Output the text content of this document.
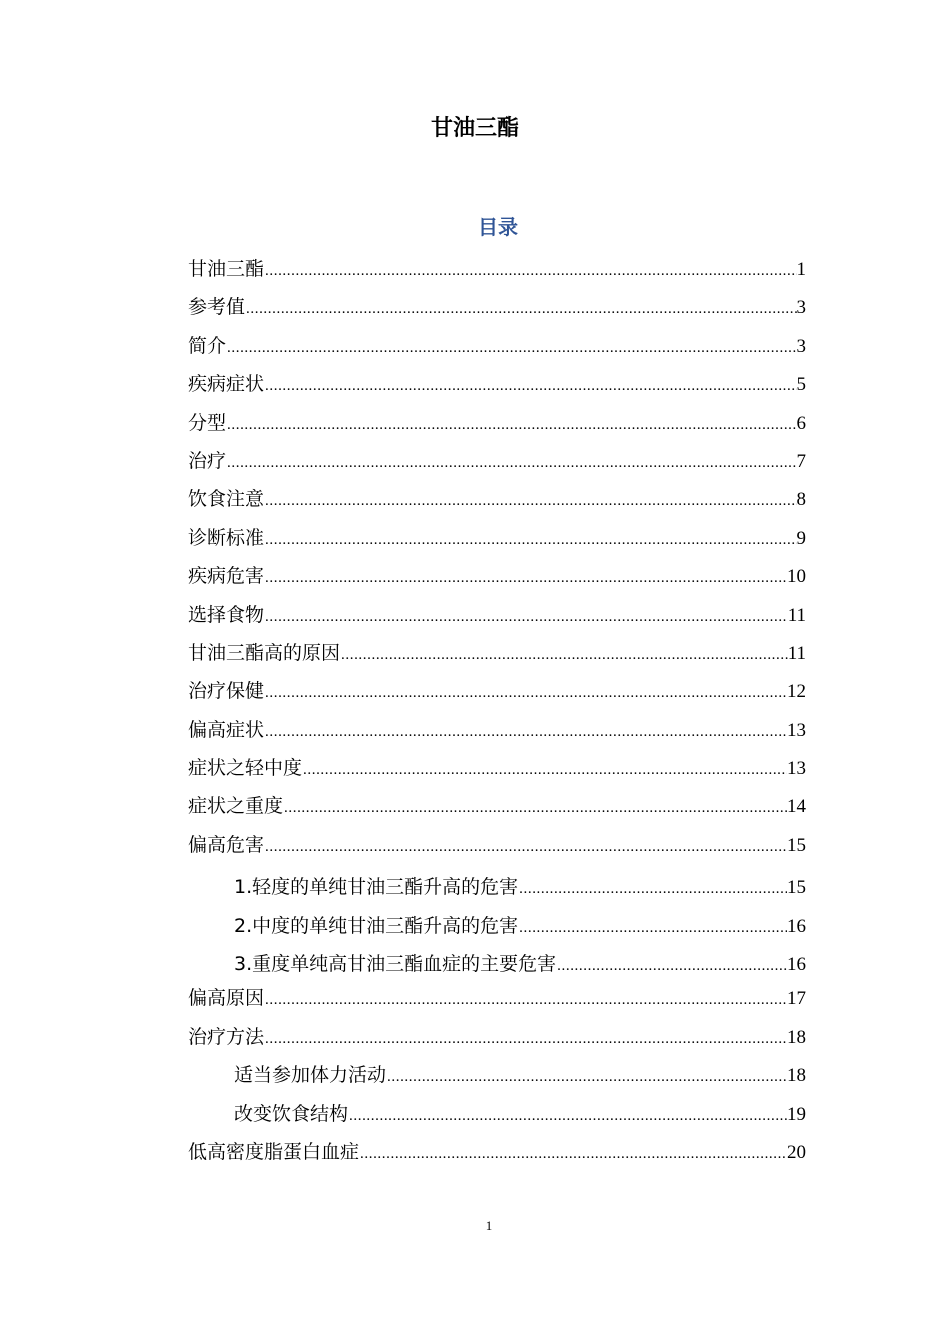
甘油三酯
目录
甘油三酯 .....	1
参考值 .....	3
简介 .....	3
疾病症状 .....	5
分型 .....	6
治疗 .....	7
饮食注意 .....	8
诊断标准 .....	9
疾病危害 .....	10
选择食物 .....	11
甘油三酯高的原因 .....	11
治疗保健 .....	12
偏高症状 .....	13
症状之轻中度 .....	13
症状之重度 .....	14
偏高危害 .....	15
1.轻度的单纯甘油三酯升高的危害 .....	15
2.中度的单纯甘油三酯升高的危害 .....	16
3.重度单纯高甘油三酯血症的主要危害 .....	16
偏高原因 .....	17
治疗方法 .....	18
适当参加体力活动 .....	18
改变饮食结构 .....	19
低高密度脂蛋白血症 .....	20
1
